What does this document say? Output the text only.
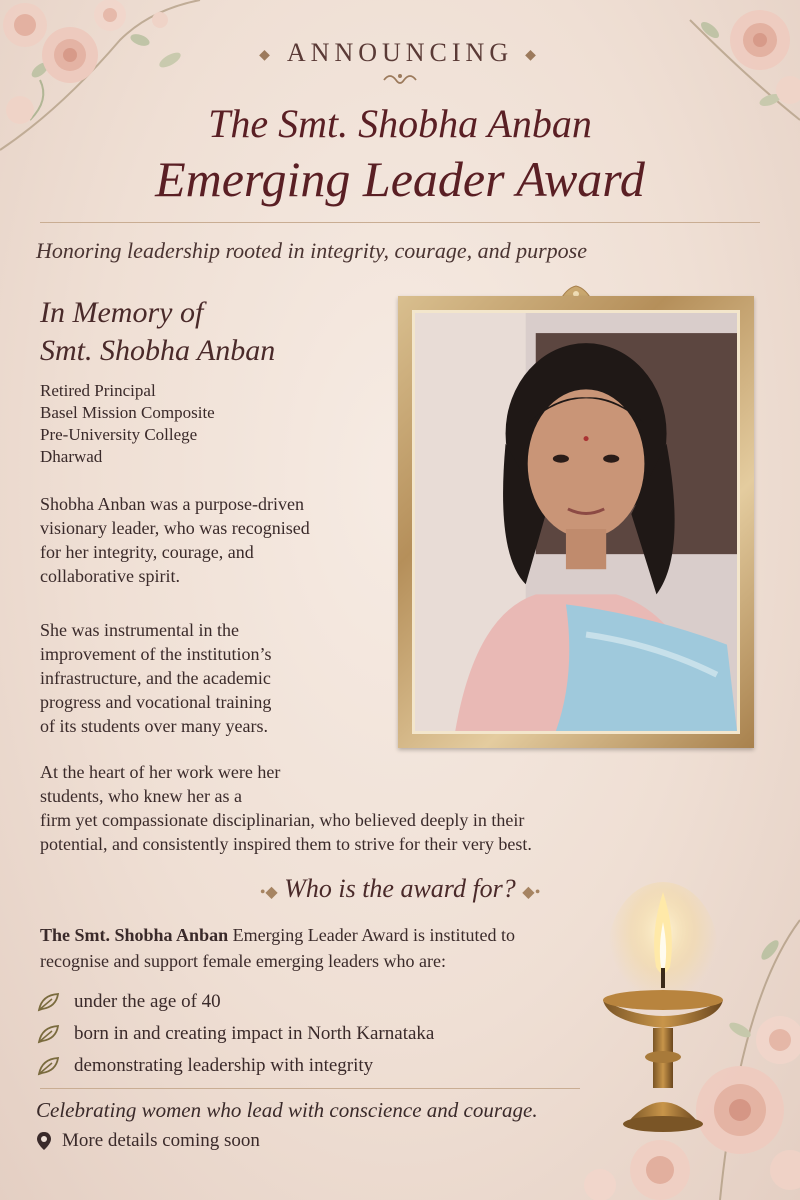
◆ ANNOUNCING ◆
The Smt. Shobha Anban
Emerging Leader Award
Honoring leadership rooted in integrity, courage, and purpose
In Memory of
Smt. Shobha Anban
Retired Principal
Basel Mission Composite
Pre-University College
Dharwad
Shobha Anban was a purpose-driven
visionary leader, who was recognised
for her integrity, courage, and
collaborative spirit.
She was instrumental in the
improvement of the institution’s
infrastructure, and the academic
progress and vocational training
of its students over many years.
At the heart of her work were her
students, who knew her as a
firm yet compassionate disciplinarian, who believed deeply in their
potential, and consistently inspired them to strive for their very best.
•◆ Who is the award for? ◆•
The Smt. Shobha Anban Emerging Leader Award is instituted to
recognise and support female emerging leaders who are:
under the age of 40
born in and creating impact in North Karnataka
demonstrating leadership with integrity
Celebrating women who lead with conscience and courage.
More details coming soon
